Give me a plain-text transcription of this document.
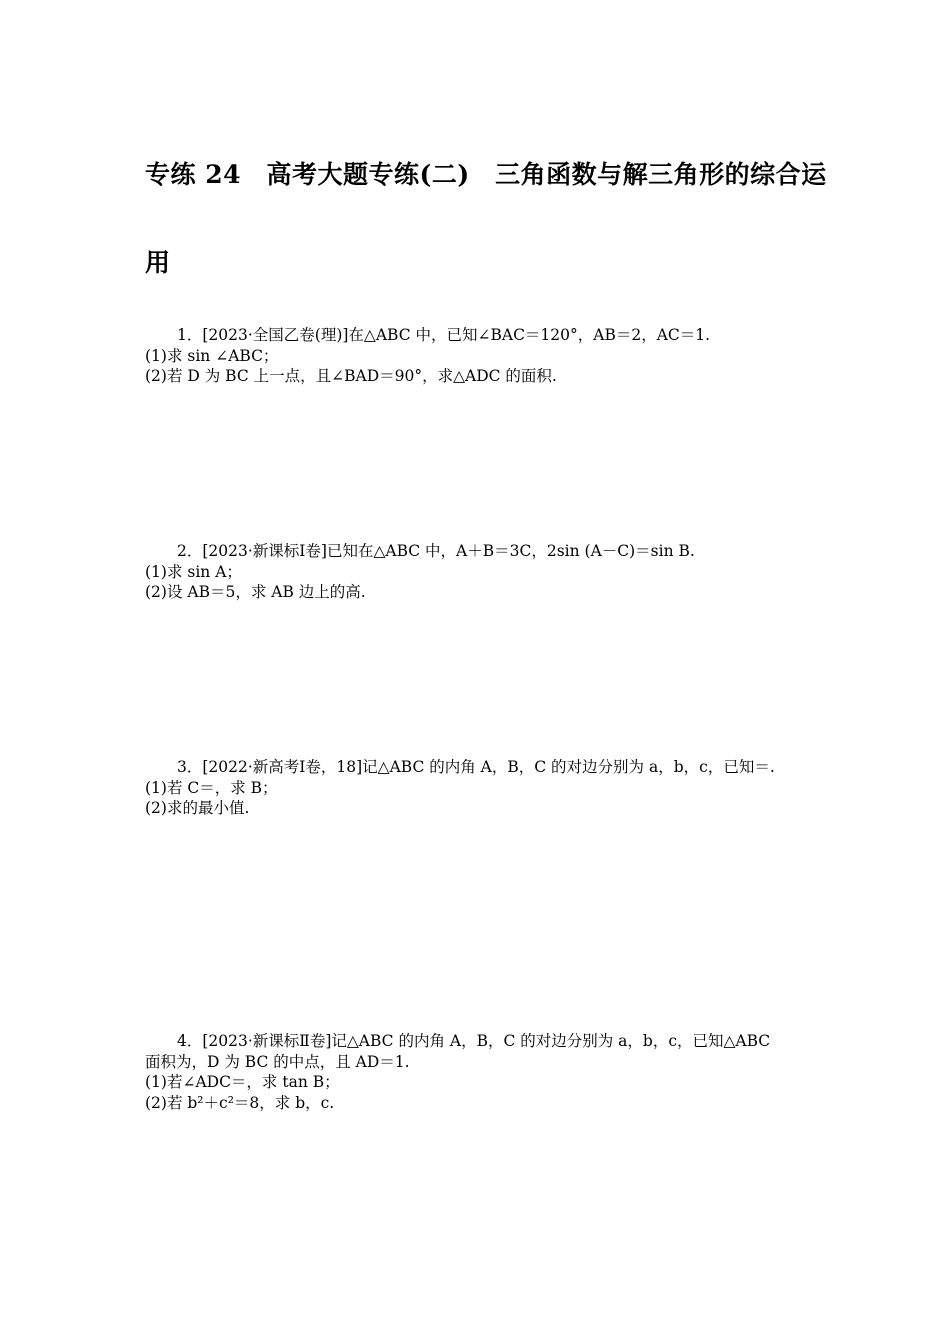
专练 24　高考大题专练(二)　三角函数与解三角形的综合运
用
1．[2023·全国乙卷(理)]在△ABC 中，已知∠BAC＝120°，AB＝2，AC＝1.
(1)求 sin ∠ABC；
(2)若 D 为 BC 上一点，且∠BAD＝90°，求△ADC 的面积.
2．[2023·新课标Ⅰ卷]已知在△ABC 中，A＋B＝3C，2sin (A－C)＝sin B.
(1)求 sin A；
(2)设 AB＝5，求 AB 边上的高.
3．[2022·新高考Ⅰ卷，18]记△ABC 的内角 A，B，C 的对边分别为 a，b，c，已知＝.
(1)若 C＝，求 B；
(2)求的最小值.
4．[2023·新课标Ⅱ卷]记△ABC 的内角 A，B，C 的对边分别为 a，b，c，已知△ABC
面积为，D 为 BC 的中点，且 AD＝1.
(1)若∠ADC＝，求 tan B；
(2)若 b²＋c²＝8，求 b，c.
